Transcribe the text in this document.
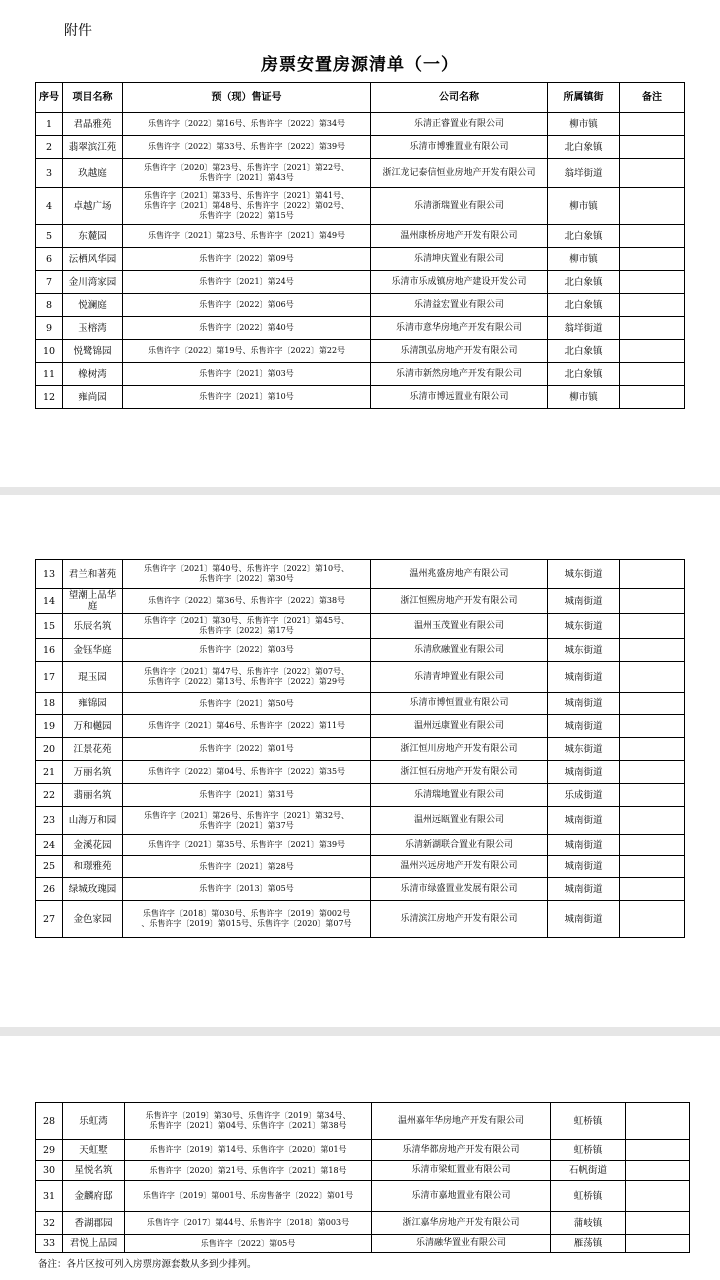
附件
房票安置房源清单（一）
序号	项目名称	预（现）售证号	公司名称	所属镇街	备注
1	君晶雅苑	乐售许字〔2022〕第16号、乐售许字〔2022〕第34号	乐清正睿置业有限公司	柳市镇	
2	翡翠滨江苑	乐售许字〔2022〕第33号、乐售许字〔2022〕第39号	乐清市博雅置业有限公司	北白象镇	
3	玖越庭	乐售许字〔2020〕第23号、乐售许字〔2021〕第22号、
乐售许字〔2021〕第43号	浙江龙记泰信恒业房地产开发有限公司	翁垟街道	
4	卓越广场	乐售许字〔2021〕第33号、乐售许字〔2021〕第41号、
乐售许字〔2021〕第48号、乐售许字〔2022〕第02号、
乐售许字〔2022〕第15号	乐清浙瑞置业有限公司	柳市镇	
5	东麓园	乐售许字〔2021〕第23号、乐售许字〔2021〕第49号	温州康桥房地产开发有限公司	北白象镇	
6	沄栖风华园	乐售许字〔2022〕第09号	乐清坤庆置业有限公司	柳市镇	
7	金川湾家园	乐售许字〔2021〕第24号	乐清市乐成镇房地产建设开发公司	北白象镇	
8	悦澜庭	乐售许字〔2022〕第06号	乐清益宏置业有限公司	北白象镇	
9	玉榕湾	乐售许字〔2022〕第40号	乐清市意华房地产开发有限公司	翁垟街道	
10	悦鹭锦园	乐售许字〔2022〕第19号、乐售许字〔2022〕第22号	乐清凯弘房地产开发有限公司	北白象镇	
11	橡树湾	乐售许字〔2021〕第03号	乐清市新然房地产开发有限公司	北白象镇	
12	雍尚园	乐售许字〔2021〕第10号	乐清市博远置业有限公司	柳市镇	
13	君兰和著苑	乐售许字〔2021〕第40号、乐售许字〔2022〕第10号、
乐售许字〔2022〕第30号	温州兆盛房地产有限公司	城东街道	
14	望潮上品华庭	乐售许字〔2022〕第36号、乐售许字〔2022〕第38号	浙江恒熙房地产开发有限公司	城南街道	
15	乐辰名筑	乐售许字〔2021〕第30号、乐售许字〔2021〕第45号、
乐售许字〔2022〕第17号	温州玉茂置业有限公司	城东街道	
16	金钰华庭	乐售许字〔2022〕第03号	乐清欣融置业有限公司	城东街道	
17	琨玉园	乐售许字〔2021〕第47号、乐售许字〔2022〕第07号、
乐售许字〔2022〕第13号、乐售许字〔2022〕第29号	乐清青坤置业有限公司	城南街道	
18	雍锦园	乐售许字〔2021〕第50号	乐清市博恒置业有限公司	城南街道	
19	万和樾园	乐售许字〔2021〕第46号、乐售许字〔2022〕第11号	温州远康置业有限公司	城南街道	
20	江景花苑	乐售许字〔2022〕第01号	浙江恒川房地产开发有限公司	城东街道	
21	万丽名筑	乐售许字〔2022〕第04号、乐售许字〔2022〕第35号	浙江恒石房地产开发有限公司	城南街道	
22	翡丽名筑	乐售许字〔2021〕第31号	乐清瑞地置业有限公司	乐成街道	
23	山海万和园	乐售许字〔2021〕第26号、乐售许字〔2021〕第32号、
乐售许字〔2021〕第37号	温州远瓯置业有限公司	城南街道	
24	金溪花园	乐售许字〔2021〕第35号、乐售许字〔2021〕第39号	乐清新湖联合置业有限公司	城南街道	
25	和璟雅苑	乐售许字〔2021〕第28号	温州兴远房地产开发有限公司	城南街道	
26	绿城玫瑰园	乐售许字〔2013〕第05号	乐清市绿盛置业发展有限公司	城南街道	
27	金色家园	乐售许字〔2018〕第030号、乐售许字〔2019〕第002号
、乐售许字〔2019〕第015号、乐售许字〔2020〕第07号	乐清滨江房地产开发有限公司	城南街道	
28	乐虹湾	乐售许字〔2019〕第30号、乐售许字〔2019〕第34号、
乐售许字〔2021〕第04号、乐售许字〔2021〕第38号	温州嘉年华房地产开发有限公司	虹桥镇	
29	天虹墅	乐售许字〔2019〕第14号、乐售许字〔2020〕第01号	乐清华都房地产开发有限公司	虹桥镇	
30	星悦名筑	乐售许字〔2020〕第21号、乐售许字〔2021〕第18号	乐清市梁虹置业有限公司	石帆街道	
31	金麟府邸	乐售许字〔2019〕第001号、乐房售备字〔2022〕第01号	乐清市嘉地置业有限公司	虹桥镇	
32	香湖郡园	乐售许字〔2017〕第44号、乐售许字〔2018〕第003号	浙江嘉华房地产开发有限公司	蒲岐镇	
33	君悦上品园	乐售许字〔2022〕第05号	乐清融华置业有限公司	雁荡镇	
备注：各片区按可列入房票房源套数从多到少排列。
